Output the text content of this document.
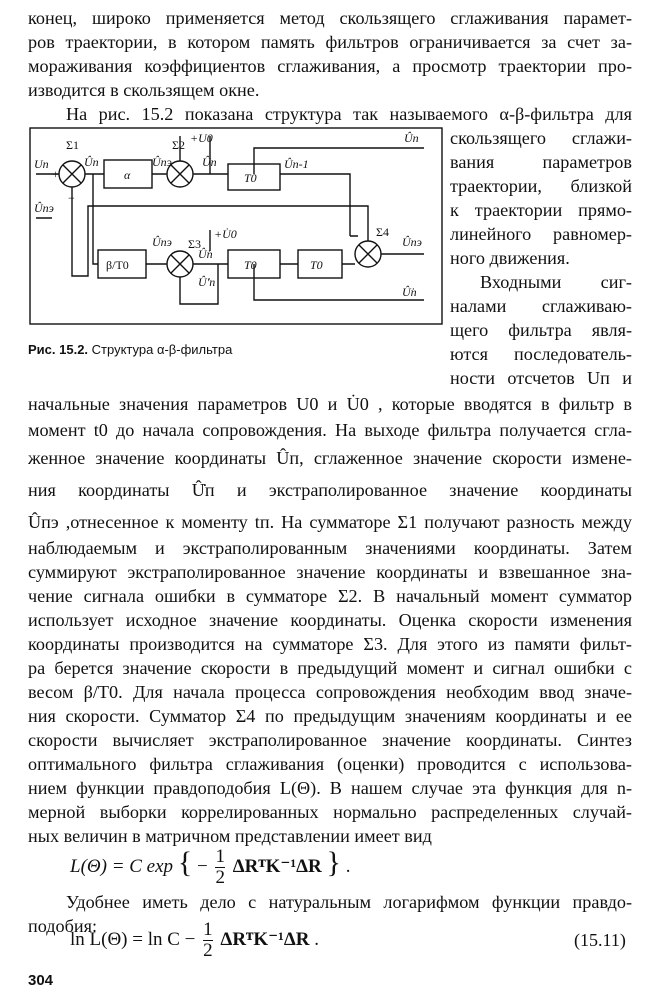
конец, широко применяется метод скользящего сглаживания парамет-
ров траектории, в котором память фильтров ограничивается за счет за-
мораживания коэффициентов сглаживания, а просмотр траектории про-
изводится в скользящем окне.
На рис. 15.2 показана структура так называемого α-β-фильтра для
Σ1	Σ2
Σ3
Σ4
α
β/T0
T0
T0	T0
Uп	Ûп
+U0
Ûпэ	Ûп	Ûп-1
Ûп
Ûпэ
Û̇п
Ûпэ
Ûпэ
+U̇0
Û̇п
Û̇'п
+
−
Рис. 15.2. Структура α-β-фильтра
скользящего сглажи-
вания параметров
траектории, близкой
к траектории прямо-
линейного равномер-
ного движения.
Входными сиг-
налами сглаживаю-
щего фильтра явля-
ются последователь-
ности отсчетов Uп и
начальные значения параметров U0 и U̇0 , которые вводятся в фильтр в
момент t0 до начала сопровождения. На выходе фильтра получается сгла-
женное значение координаты Ûп, сглаженное значение скорости измене-
ния координаты Û̇п и экстраполированное значение координаты
Ûпэ ,отнесенное к моменту tп. На сумматоре Σ1 получают разность между
наблюдаемым и экстраполированным значениями координаты. Затем
суммируют экстраполированное значение координаты и взвешанное зна-
чение сигнала ошибки в сумматоре Σ2. В начальный момент сумматор
использует исходное значение координаты. Оценка скорости изменения
координаты производится на сумматоре Σ3. Для этого из памяти фильт-
ра берется значение скорости в предыдущий момент и сигнал ошибки с
весом β/T0. Для начала процесса сопровождения необходим ввод значе-
ния скорости. Сумматор Σ4 по предыдущим значениям координаты и ее
скорости вычисляет экстраполированное значение координаты. Синтез
оптимального фильтра сглаживания (оценки) проводится с использова-
нием функции правдоподобия L(Θ). В нашем случае эта функция для n-
мерной выборки коррелированных нормально распределенных случай-
ных величин в матричном представлении имеет вид
L(Θ) = C exp { − $\frac{1}{2}$ ΔRᵀK⁻¹ΔR } .
Удобнее иметь дело с натуральным логарифмом функции правдо-
подобия:
$\ln L(\Theta) = \ln C - \frac{1}{2}$ ΔRᵀK⁻¹ΔR .	(15.11)
304
